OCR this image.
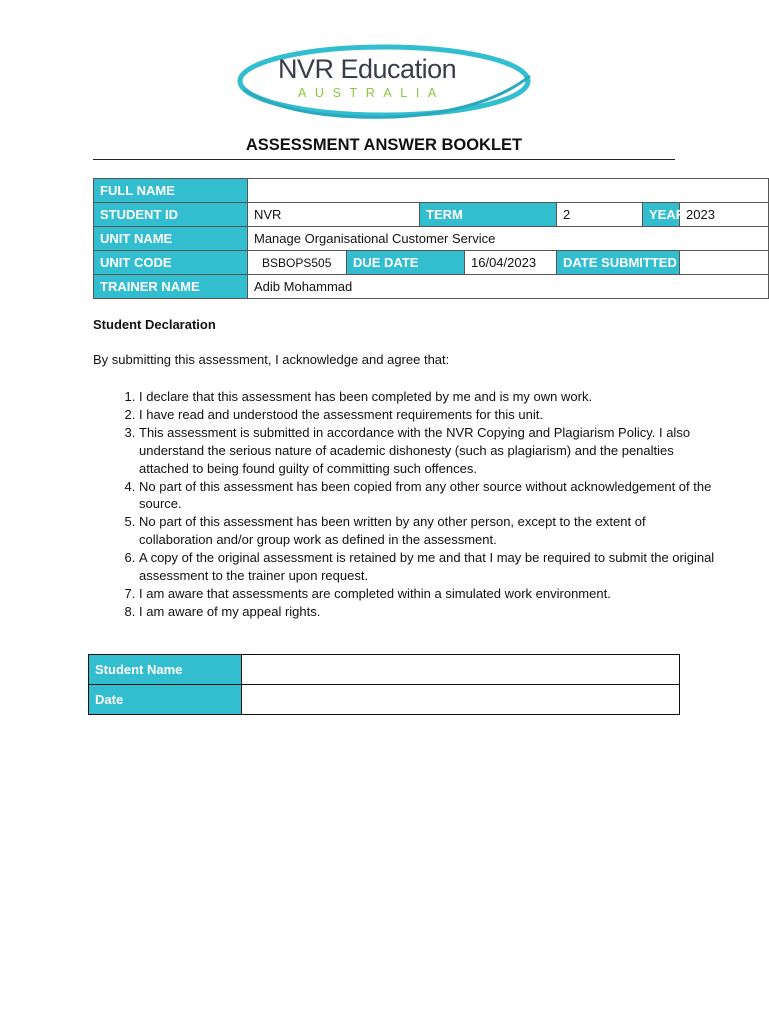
NVR Education
AUSTRALIA
ASSESSMENT ANSWER BOOKLET
FULL NAME							
STUDENT ID	NVR		TERM		2	YEAR	2023
UNIT NAME	Manage Organisational Customer Service						
UNIT CODE	BSBOPS505	DUE DATE		16/04/2023	DATE SUBMITTED		
TRAINER NAME	Adib Mohammad						
Student Declaration
By submitting this assessment, I acknowledge and agree that:
1. I declare that this assessment has been completed by me and is my own work.
2. I have read and understood the assessment requirements for this unit.
3. This assessment is submitted in accordance with the NVR Copying and Plagiarism Policy. I also understand the serious nature of academic dishonesty (such as plagiarism) and the penalties attached to being found guilty of committing such offences.
4. No part of this assessment has been copied from any other source without acknowledgement of the source.
5. No part of this assessment has been written by any other person, except to the extent of collaboration and/or group work as defined in the assessment.
6. A copy of the original assessment is retained by me and that I may be required to submit the original assessment to the trainer upon request.
7. I am aware that assessments are completed within a simulated work environment.
8. I am aware of my appeal rights.
Student Name	
Date	
